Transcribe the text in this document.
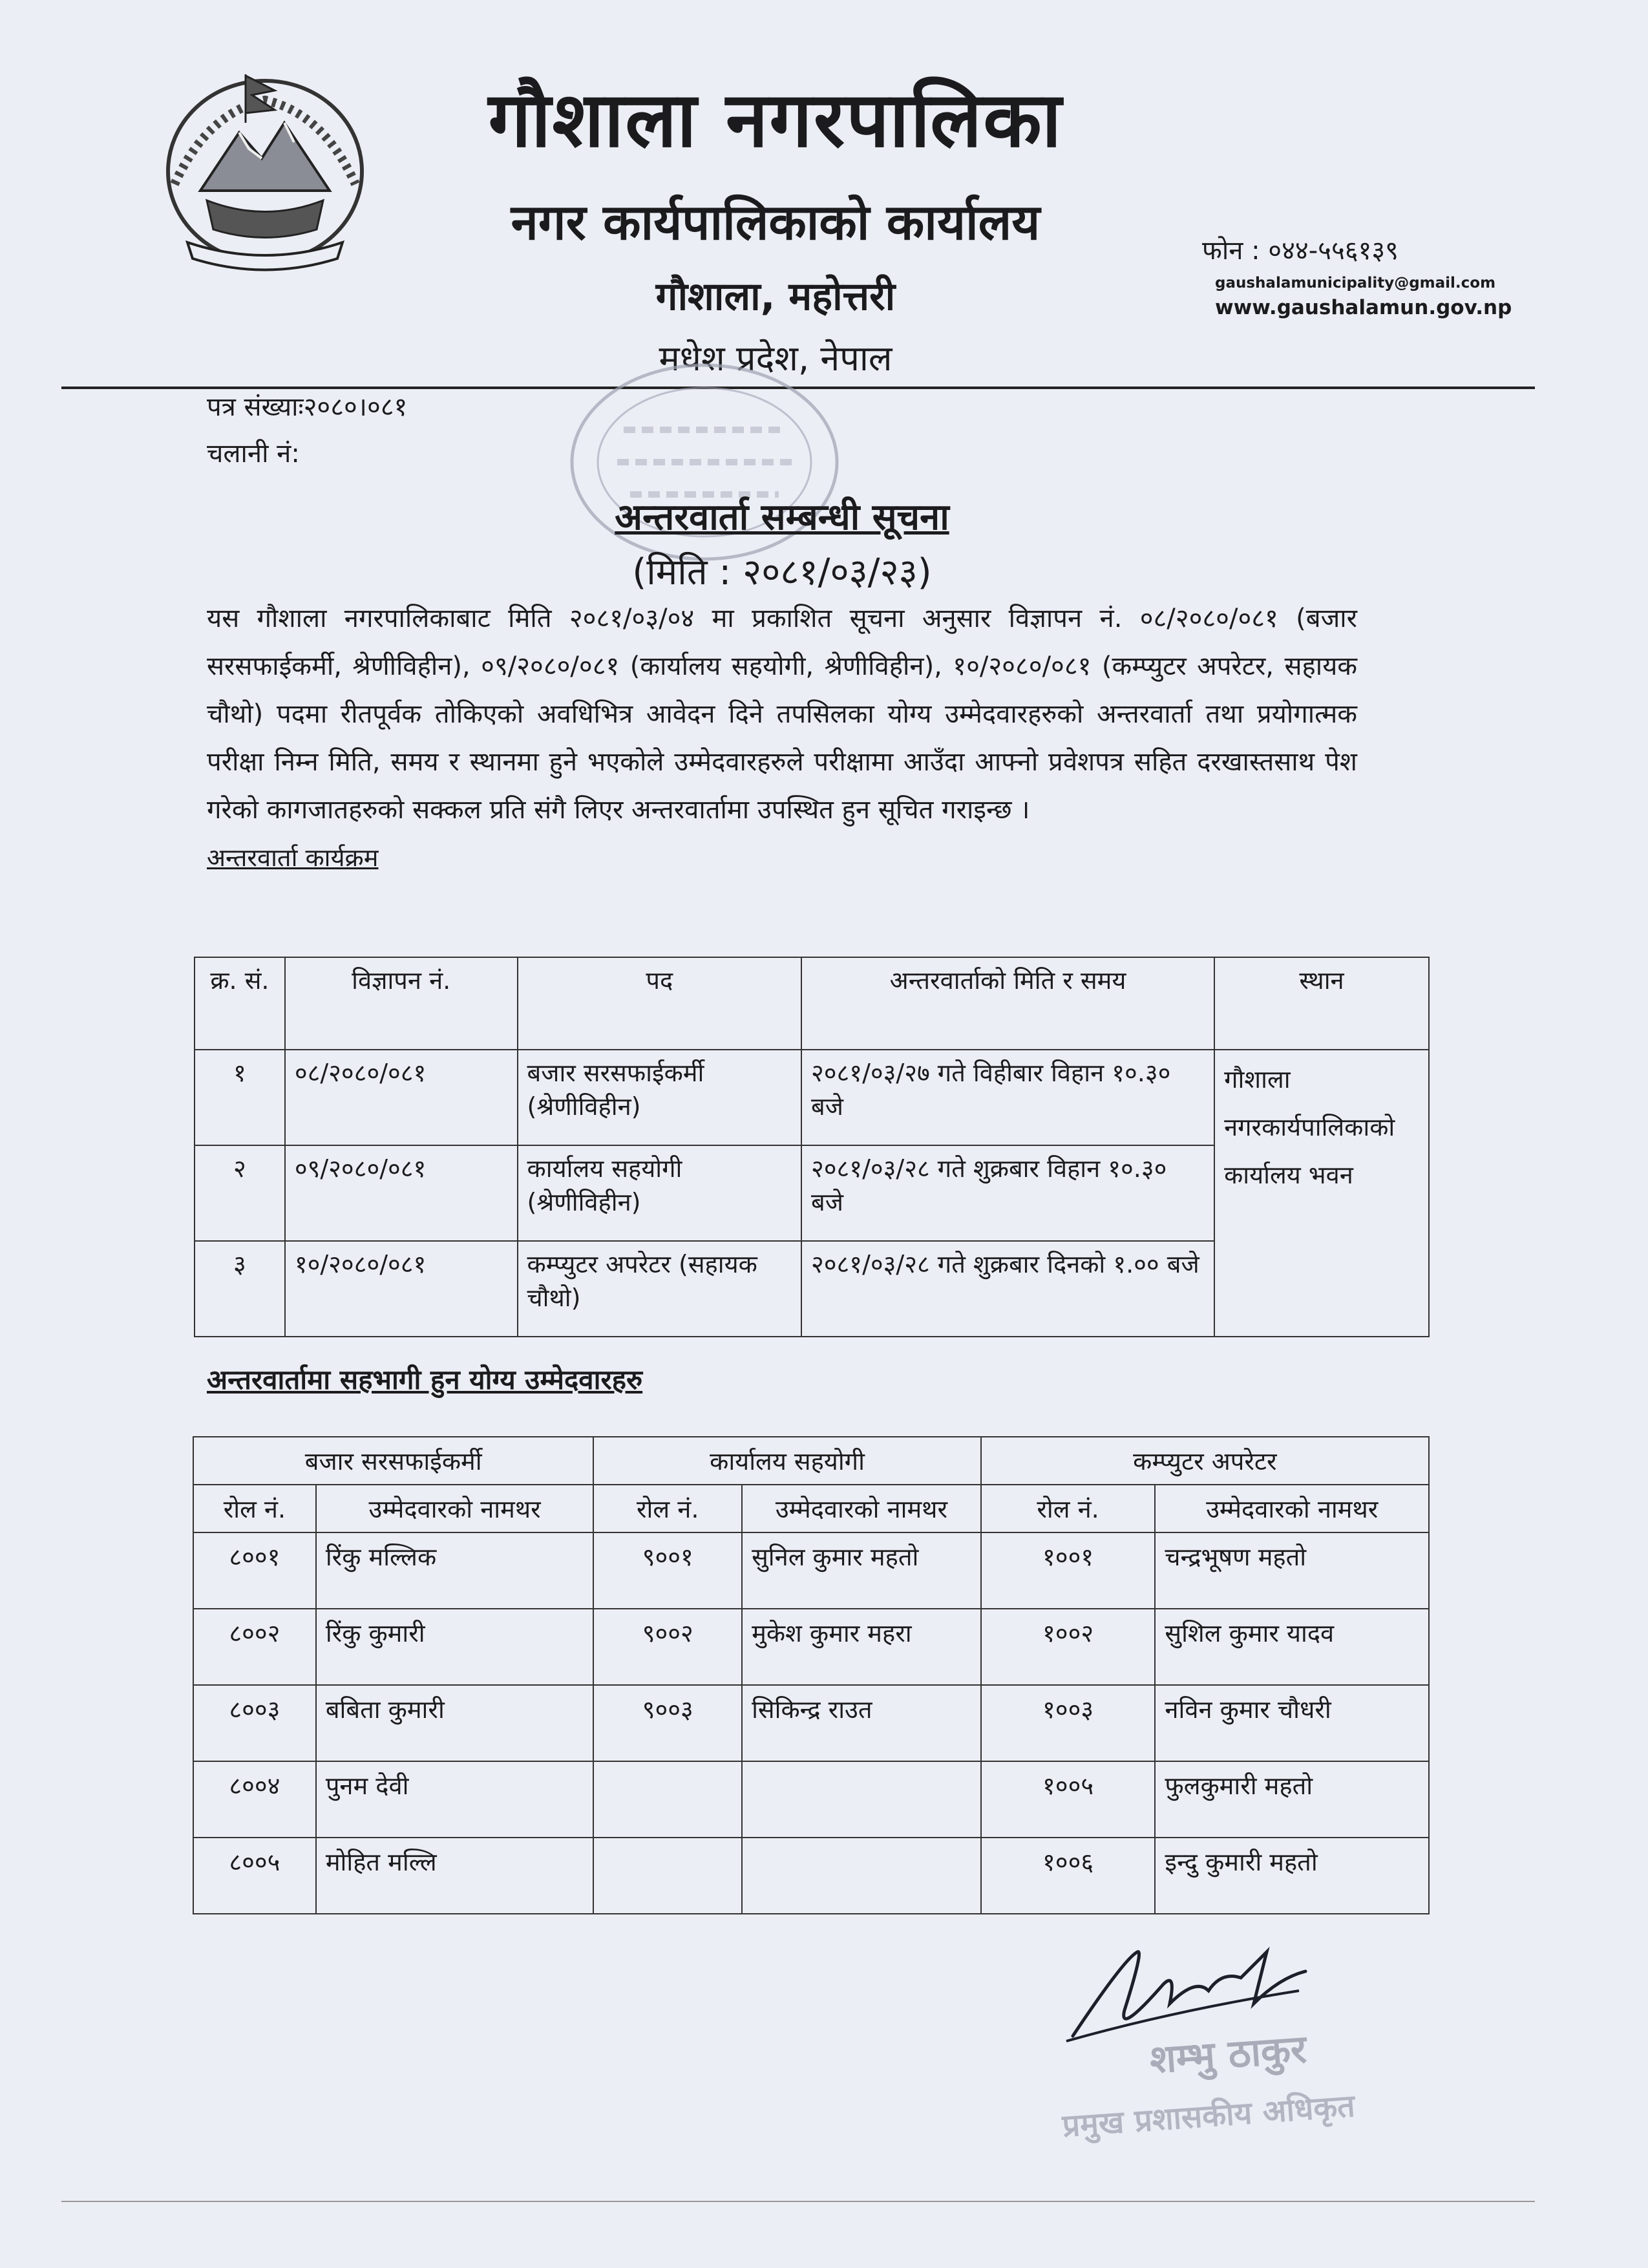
गौशाला नगरपालिका
नगर कार्यपालिकाको कार्यालय
गौशाला, महोत्तरी
मधेश प्रदेश, नेपाल
फोन : ०४४-५५६१३९
gaushalamunicipality@gmail.com
www.gaushalamun.gov.np
पत्र संख्याः२०८०।०८१
चलानी नं:
अन्तरवार्ता सम्बन्धी सूचना
(मिति : २०८१/०३/२३)
यस गौशाला नगरपालिकाबाट मिति २०८१/०३/०४ मा प्रकाशित सूचना अनुसार विज्ञापन नं. ०८/२०८०/०८१ (बजार सरसफाईकर्मी, श्रेणीविहीन), ०९/२०८०/०८१ (कार्यालय सहयोगी, श्रेणीविहीन), १०/२०८०/०८१ (कम्प्युटर अपरेटर, सहायक चौथो) पदमा रीतपूर्वक तोकिएको अवधिभित्र आवेदन दिने तपसिलका योग्य उम्मेदवारहरुको अन्तरवार्ता तथा प्रयोगात्मक परीक्षा निम्न मिति, समय र स्थानमा हुने भएकोले उम्मेदवारहरुले परीक्षामा आउँदा आफ्नो प्रवेशपत्र सहित दरखास्तसाथ पेश गरेको कागजातहरुको सक्कल प्रति संगै लिएर अन्तरवार्तामा उपस्थित हुन सूचित गराइन्छ ।
अन्तरवार्ता कार्यक्रम
क्र. सं.	विज्ञापन नं.	पद	अन्तरवार्ताको मिति र समय	स्थान
१	०८/२०८०/०८१	बजार सरसफाईकर्मी (श्रेणीविहीन)	२०८१/०३/२७ गते विहीबार विहान १०.३० बजे	गौशाला नगरकार्यपालिकाको कार्यालय भवन
२	०९/२०८०/०८१	कार्यालय सहयोगी (श्रेणीविहीन)	२०८१/०३/२८ गते शुक्रबार विहान १०.३० बजे	
३	१०/२०८०/०८१	कम्प्युटर अपरेटर (सहायक चौथो)	२०८१/०३/२८ गते शुक्रबार दिनको १.०० बजे	
अन्तरवार्तामा सहभागी हुन योग्य उम्मेदवारहरु
बजार सरसफाईकर्मी		कार्यालय सहयोगी		कम्प्युटर अपरेटर	
रोल नं.	उम्मेदवारको नामथर	रोल नं.	उम्मेदवारको नामथर	रोल नं.	उम्मेदवारको नामथर
८००१	रिंकु मल्लिक	९००१	सुनिल कुमार महतो	१००१	चन्द्रभूषण महतो
८००२	रिंकु कुमारी	९००२	मुकेश कुमार महरा	१००२	सुशिल कुमार यादव
८००३	बबिता कुमारी	९००३	सिकिन्द्र राउत	१००३	नविन कुमार चौधरी
८००४	पुनम देवी			१००५	फुलकुमारी महतो
८००५	मोहित मल्लि			१००६	इन्दु कुमारी महतो
शम्भु ठाकुर
प्रमुख प्रशासकीय अधिकृत
